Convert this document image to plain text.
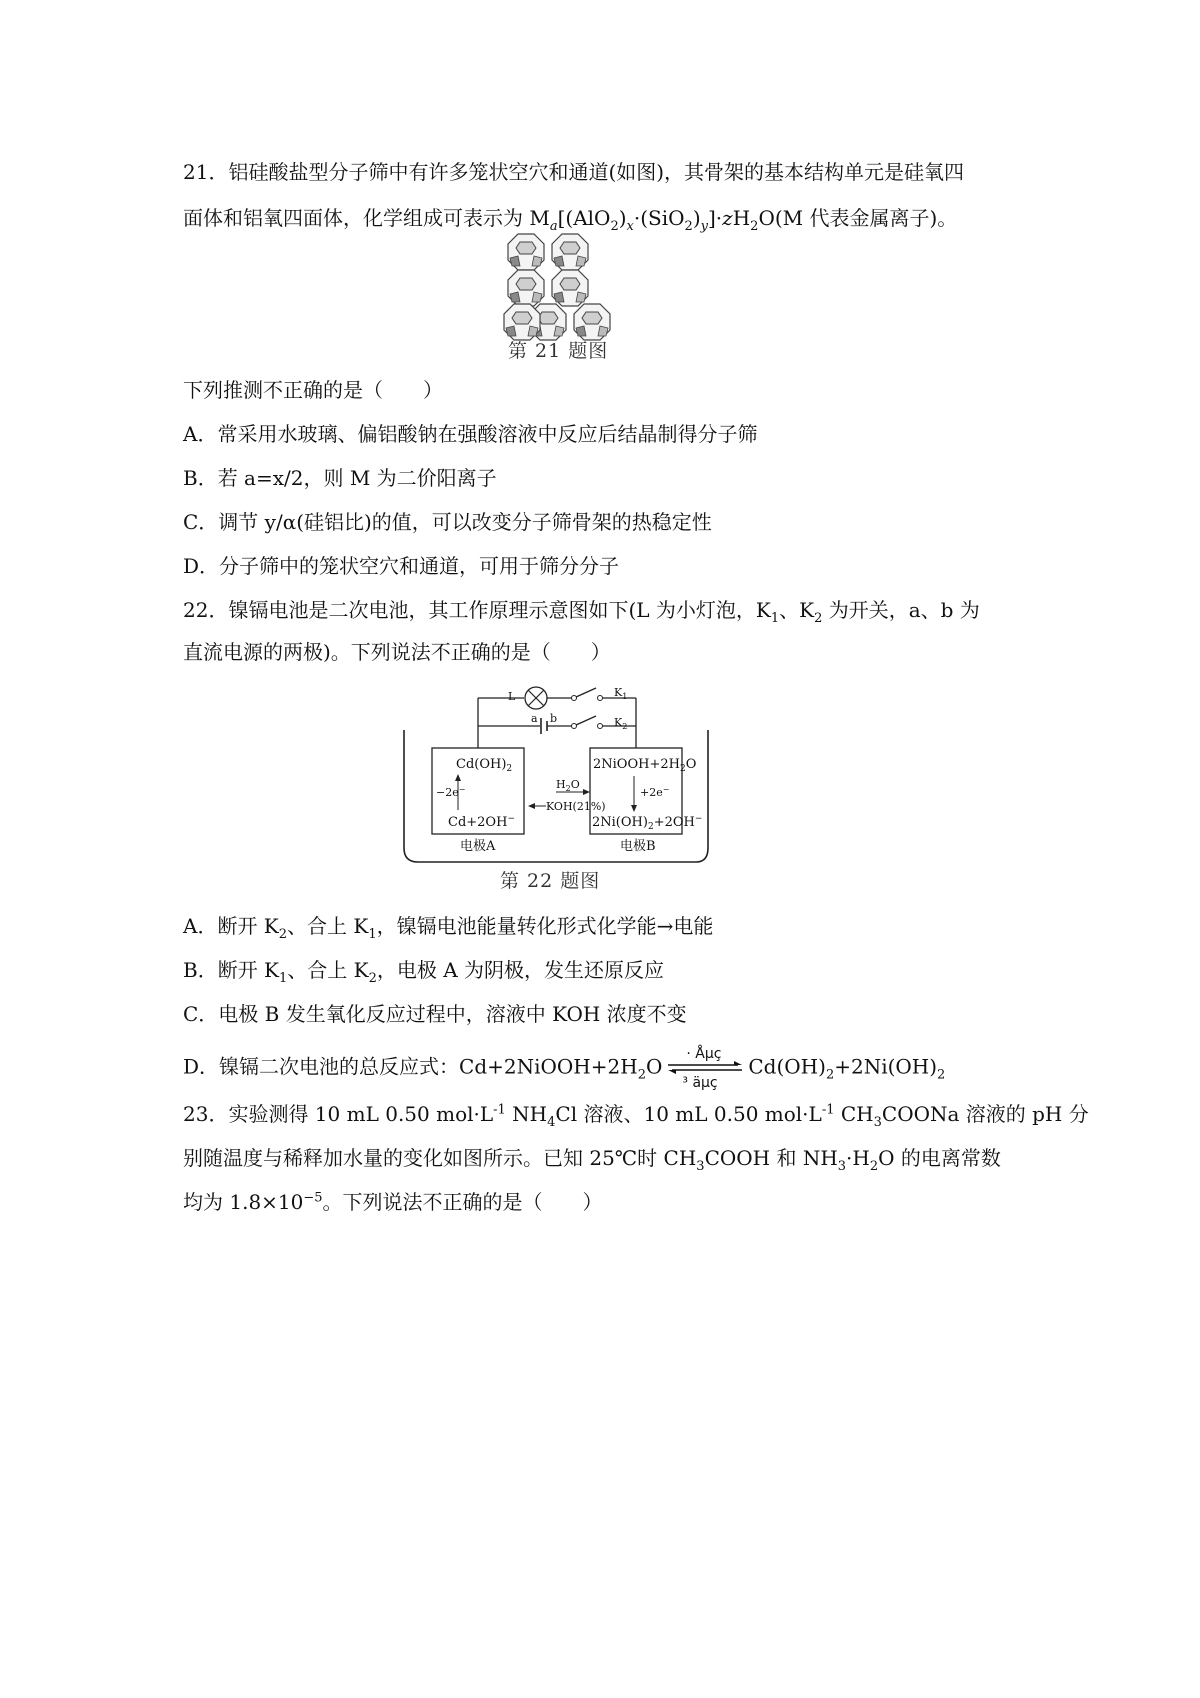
21．铝硅酸盐型分子筛中有许多笼状空穴和通道(如图)，其骨架的基本结构单元是硅氧四
面体和铝氧四面体，化学组成可表示为 $M_a[(AlO_2)_x\cdot(SiO_2)_y]\cdot zH_2O(M$ 代表金属离子)。
第 21 题图
下列推测不正确的是（　　）
A．常采用水玻璃、偏铝酸钠在强酸溶液中反应后结晶制得分子筛
B．若 a=x/2，则 M 为二价阳离子
C．调节 y/α(硅铝比)的值，可以改变分子筛骨架的热稳定性
D．分子筛中的笼状空穴和通道，可用于筛分分子
22．镍镉电池是二次电池，其工作原理示意图如下(L 为小灯泡，$K_1$、$K_2$ 为开关，a、b 为
直流电源的两极)。下列说法不正确的是（　　）
L	$K_1$
$K_2$
a b
$Cd(OH)_2$
−2e−
Cd+2OH−
$2NiOOH+2H_2O$
+2e−
$2Ni(OH)_2+2OH^-$
$H_2O$
KOH(21%)
电极A	电极B
第 22 题图
A．断开 $K_2$、合上 $K_1$，镍镉电池能量转化形式化学能→电能
B．断开 $K_1$、合上 $K_2$，电极 A 为阴极，发生还原反应
C．电极 B 发生氧化反应过程中，溶液中 KOH 浓度不变
D．镍镉二次电池的总反应式：$Cd+2NiOOH+2H_2O$
· Åµç
³ äµç
$Cd(OH)_2+2Ni(OH)_2$
23．实验测得 10 mL 0.50 $mol\cdot L^{-1}$ $NH_4Cl$ 溶液、10 mL 0.50 $mol\cdot L^{-1}$ $CH_3COONa$ 溶液的 pH 分
别随温度与稀释加水量的变化如图所示。已知 25℃时 $CH_3COOH$ 和 $NH_3\cdot H_2O$ 的电离常数
均为 $1.8\times 10^{-5}$。下列说法不正确的是（　　）
